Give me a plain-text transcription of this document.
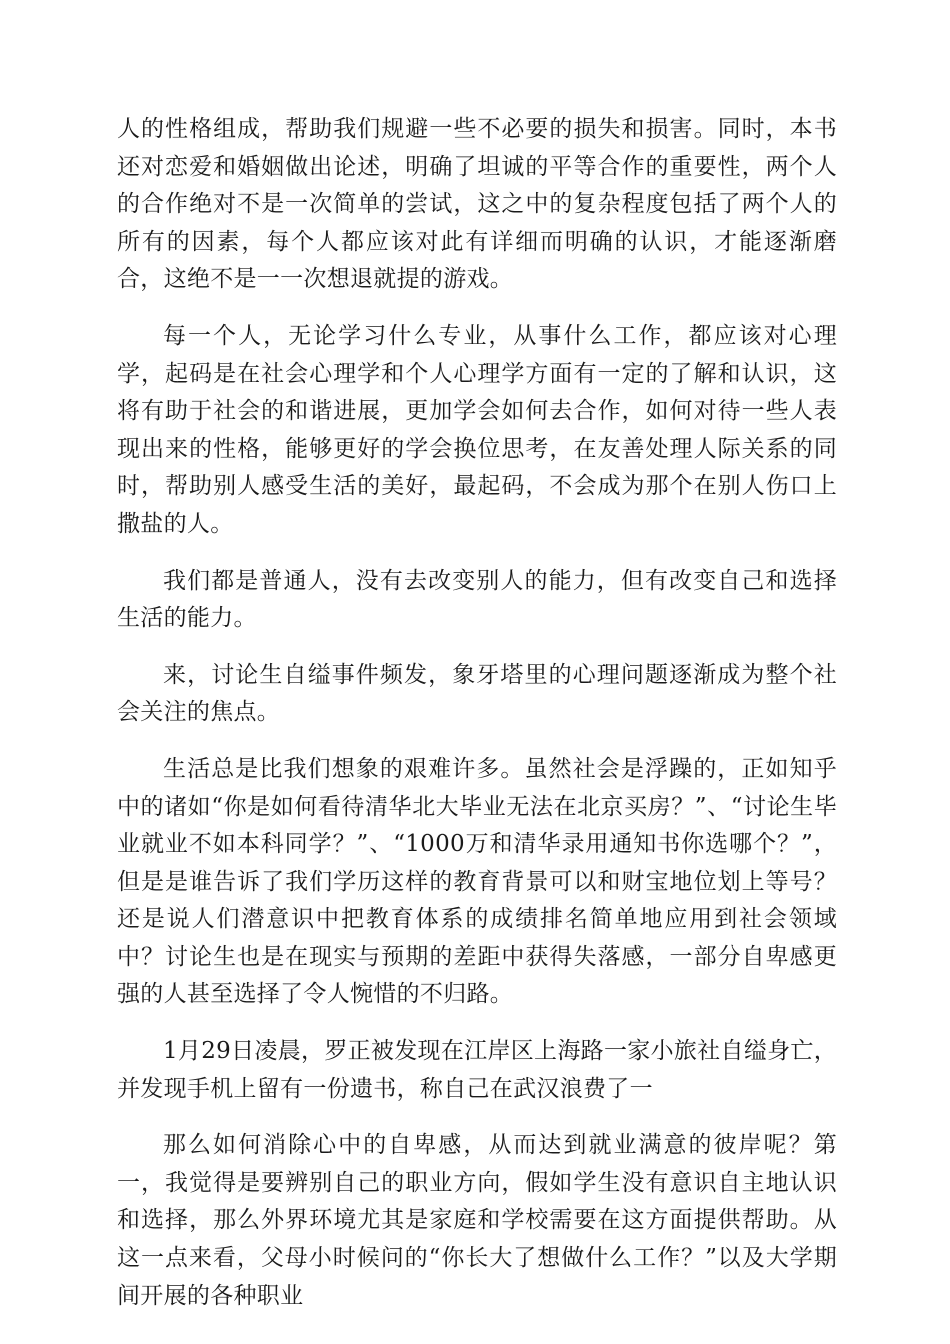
人的性格组成，帮助我们规避一些不必要的损失和损害。同时，本书还对恋爱和婚姻做出论述，明确了坦诚的平等合作的重要性，两个人的合作绝对不是一次简单的尝试，这之中的复杂程度包括了两个人的所有的因素，每个人都应该对此有详细而明确的认识，才能逐渐磨合，这绝不是一一次想退就提的游戏。

每一个人，无论学习什么专业，从事什么工作，都应该对心理学，起码是在社会心理学和个人心理学方面有一定的了解和认识，这将有助于社会的和谐进展，更加学会如何去合作，如何对待一些人表现出来的性格，能够更好的学会换位思考，在友善处理人际关系的同时，帮助别人感受生活的美好，最起码，不会成为那个在别人伤口上撒盐的人。

我们都是普通人，没有去改变别人的能力，但有改变自己和选择生活的能力。

来，讨论生自缢事件频发，象牙塔里的心理问题逐渐成为整个社会关注的焦点。

生活总是比我们想象的艰难许多。虽然社会是浮躁的，正如知乎中的诸如“你是如何看待清华北大毕业无法在北京买房？”、“讨论生毕业就业不如本科同学？”、“1000万和清华录用通知书你选哪个？”，但是是谁告诉了我们学历这样的教育背景可以和财宝地位划上等号？还是说人们潜意识中把教育体系的成绩排名简单地应用到社会领域中？讨论生也是在现实与预期的差距中获得失落感，一部分自卑感更强的人甚至选择了令人惋惜的不归路。

1月29日凌晨，罗正被发现在江岸区上海路一家小旅社自缢身亡，并发现手机上留有一份遗书，称自己在武汉浪费了一

那么如何消除心中的自卑感，从而达到就业满意的彼岸呢？第一，我觉得是要辨别自己的职业方向，假如学生没有意识自主地认识和选择，那么外界环境尤其是家庭和学校需要在这方面提供帮助。从这一点来看，父母小时候问的“你长大了想做什么工作？”以及大学期间开展的各种职业
